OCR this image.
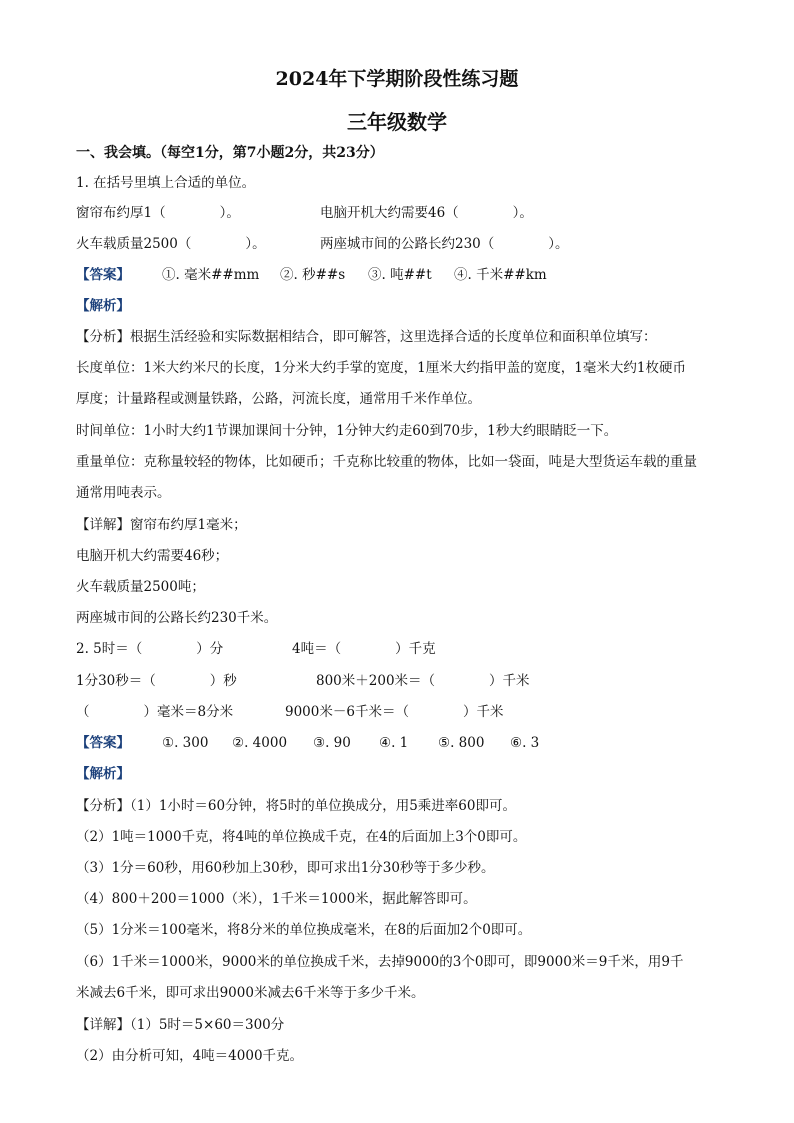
2024年下学期阶段性练习题
三年级数学
一、我会填。（每空1分，第7小题2分，共23分）
1. 在括号里填上合适的单位。
窗帘布约厚1（　　　　）。	电脑开机大约需要46（　　　　）。
火车载质量2500（　　　　）。	两座城市间的公路长约230（　　　　）。
【答案】 ①. 毫米##mm ②. 秒##s ③. 吨##t ④. 千米##km
【解析】
【分析】根据生活经验和实际数据相结合，即可解答，这里选择合适的长度单位和面积单位填写：
长度单位：1米大约米尺的长度，1分米大约手掌的宽度，1厘米大约指甲盖的宽度，1毫米大约1枚硬币
厚度；计量路程或测量铁路，公路，河流长度，通常用千米作单位。
时间单位：1小时大约1节课加课间十分钟，1分钟大约走60到70步，1秒大约眼睛眨一下。
重量单位：克称量较轻的物体，比如硬币；千克称比较重的物体，比如一袋面，吨是大型货运车载的重量
通常用吨表示。
【详解】窗帘布约厚1毫米；
电脑开机大约需要46秒；
火车载质量2500吨；
两座城市间的公路长约230千米。
2. 5时＝（　　　　）分	4吨＝（　　　　）千克
1分30秒＝（　　　　）秒	800米＋200米＝（　　　　）千米
（　　　　）毫米＝8分米	9000米－6千米＝（　　　　）千米
【答案】 ①. 300 ②. 4000 ③. 90 ④. 1 ⑤. 800 ⑥. 3
【解析】
【分析】（1）1小时＝60分钟，将5时的单位换成分，用5乘进率60即可。
（2）1吨＝1000千克，将4吨的单位换成千克，在4的后面加上3个0即可。
（3）1分＝60秒，用60秒加上30秒，即可求出1分30秒等于多少秒。
（4）800＋200＝1000（米），1千米＝1000米，据此解答即可。
（5）1分米＝100毫米，将8分米的单位换成毫米，在8的后面加2个0即可。
（6）1千米＝1000米，9000米的单位换成千米，去掉9000的3个0即可，即9000米＝9千米，用9千
米减去6千米，即可求出9000米减去6千米等于多少千米。
【详解】（1）5时＝5×60＝300分
（2）由分析可知，4吨＝4000千克。
